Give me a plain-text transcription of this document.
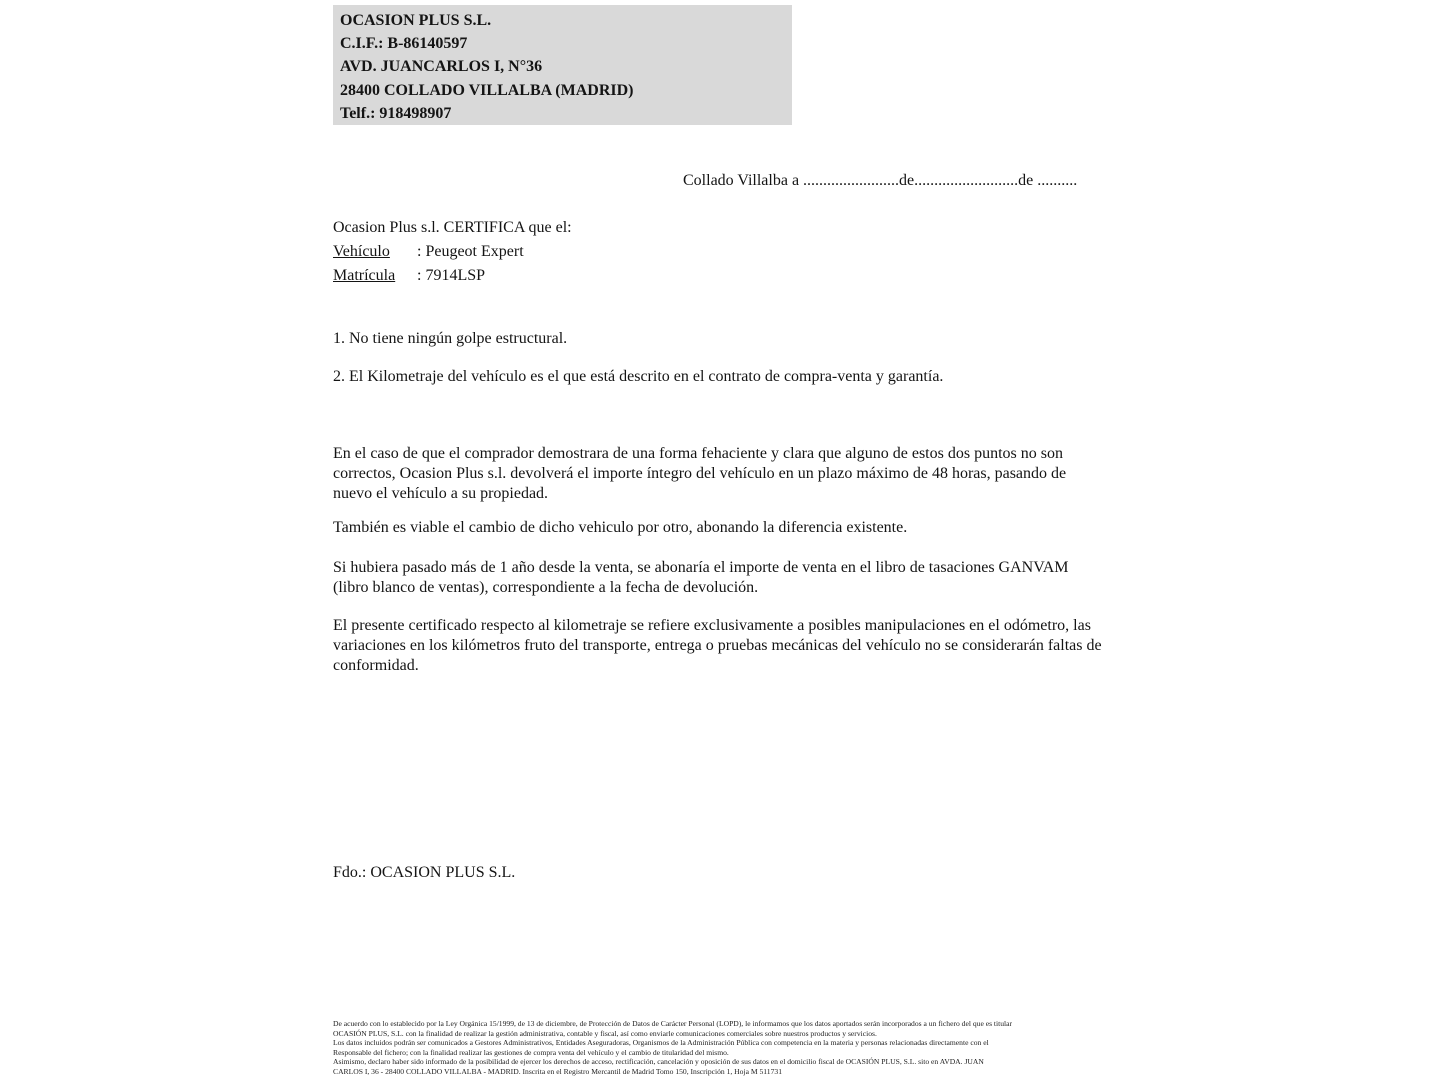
OCASION PLUS S.L.
C.I.F.: B-86140597
AVD. JUANCARLOS I, N°36
28400 COLLADO VILLALBA (MADRID)
Telf.: 918498907
Collado Villalba a ........................de..........................de ..........
Ocasion Plus s.l. CERTIFICA que el:
Vehículo : Peugeot Expert
Matrícula : 7914LSP

1. No tiene ningún golpe estructural.

2. El Kilometraje del vehículo es el que está descrito en el contrato de compra-venta y garantía.

En el caso de que el comprador demostrara de una forma fehaciente y clara que alguno de estos dos puntos no son correctos, Ocasion Plus s.l. devolverá el importe íntegro del vehículo en un plazo máximo de 48 horas, pasando de nuevo el vehículo a su propiedad.

También es viable el cambio de dicho vehiculo por otro, abonando la diferencia existente.

Si hubiera pasado más de 1 año desde la venta, se abonaría el importe de venta en el libro de tasaciones GANVAM (libro blanco de ventas), correspondiente a la fecha de devolución.

El presente certificado respecto al kilometraje se refiere exclusivamente a posibles manipulaciones en el odómetro, las variaciones en los kilómetros fruto del transporte, entrega o pruebas mecánicas del vehículo no se considerarán faltas de conformidad.

Fdo.: OCASION PLUS S.L.
De acuerdo con lo establecido por la Ley Orgánica 15/1999, de 13 de diciembre, de Protección de Datos de Carácter Personal (LOPD), le informamos que los datos aportados serán incorporados a un fichero del que es titular
OCASIÓN PLUS, S.L. con la finalidad de realizar la gestión administrativa, contable y fiscal, así como enviarle comunicaciones comerciales sobre nuestros productos y servicios.
Los datos incluidos podrán ser comunicados a Gestores Administrativos, Entidades Aseguradoras, Organismos de la Administración Pública con competencia en la materia y personas relacionadas directamente con el
Responsable del fichero; con la finalidad realizar las gestiones de compra venta del vehículo y el cambio de titularidad del mismo.
Asimismo, declaro haber sido informado de la posibilidad de ejercer los derechos de acceso, rectificación, cancelación y oposición de sus datos en el domicilio fiscal de OCASIÓN PLUS, S.L. sito en AVDA. JUAN
CARLOS I, 36 - 28400 COLLADO VILLALBA - MADRID. Inscrita en el Registro Mercantil de Madrid Tomo 150, Inscripción 1, Hoja M 511731
